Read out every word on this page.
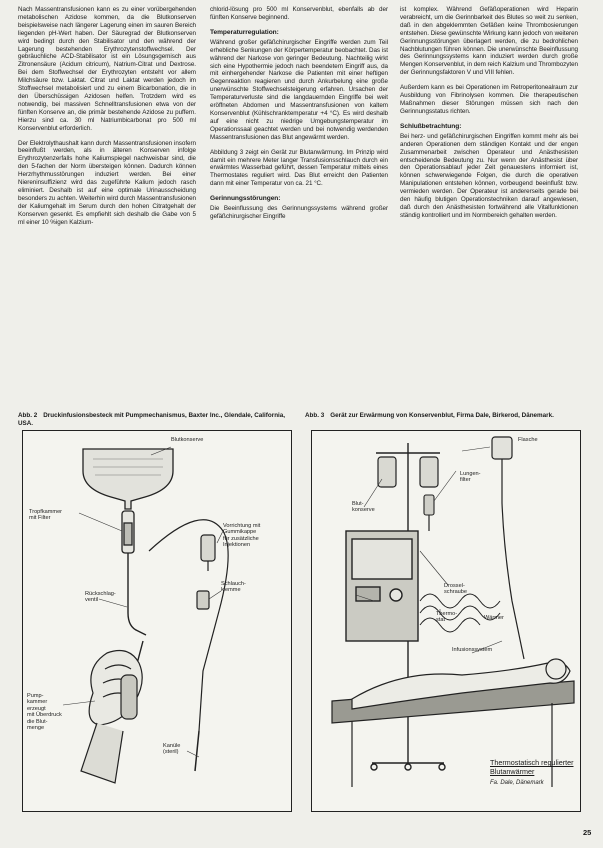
Nach Massentransfusionen kann es zu einer vorübergehenden metabolischen Azidose kommen, da die Blutkonserven beispielsweise nach längerer Lagerung einen im sauren Bereich liegenden pH-Wert haben. Der Säuregrad der Blutkonserven wird bedingt durch den Stabilisator und den während der Lagerung bestehenden Erythrozytenstoffwechsel. Der gebräuchliche ACD-Stabilisator ist ein Lösungsgemisch aus Zitronensäure (Acidum citricum), Natrium-Citrat und Dextrose. Bei dem Stoffwechsel der Erythrozyten entsteht vor allem Milchsäure bzw. Laktat. Citrat und Laktat werden jedoch im Stoffwechsel metabolisiert und zu einem Bicarbonation, die in den Überschüssigen Azidosen helfen. Trotzdem wird es notwendig, bei massiven Schnelltransfusionen etwa von der fünften Konserve an, die primär bestehende Azidose zu puffern. Hierzu sind ca. 30 ml Natriumbicarbonat pro 500 ml Konservenblut erforderlich.

Der Elektrolythaushalt kann durch Massentransfusionen insofern beeinflußt werden, als in älteren Konserven infolge Erythrozytenzerfalls hohe Kaliumspiegel nachweisbar sind, die den 5-fachen der Norm übersteigen können. Dadurch können Herzrhythmusstörungen induziert werden. Bei einer Niereninsuffizienz wird das zugeführte Kalium jedoch rasch eliminiert. Deshalb ist auf eine optimale Urinausscheidung besonders zu achten. Weiterhin wird durch Massentransfusionen der Kaliumgehalt im Serum durch den hohen Citratgehalt der Konserven gesenkt. Es empfiehlt sich deshalb die Gabe von 5 ml einer 10 %igen Kalzium-

chlorid-lösung pro 500 ml Konservenblut, ebenfalls ab der fünften Konserve beginnend.

Temperaturregulation:

Während großer gefäßchirurgischer Eingriffe werden zum Teil erhebliche Senkungen der Körpertemperatur beobachtet. Das ist während der Narkose von geringer Bedeutung. Nachteilig wirkt sich eine Hypothermie jedoch nach beendetem Eingriff aus, da mit einhergehender Narkose die Patienten mit einer heftigen Gegenreaktion reagieren und durch Ankurbelung eine große unerwünschte Stoffwechselsteigerung erfahren. Ursachen der Temperaturverluste sind die langdauernden Eingriffe bei weit eröffneten Abdomen und Massentransfusionen von kaltem Konservenblut (Kühlschranktemperatur +4 °C). Es wird deshalb auf eine nicht zu niedrige Umgebungstemperatur im Operationssaal geachtet werden und bei notwendig werdenden Massentransfusionen das Blut angewärmt werden.

Abbildung 3 zeigt ein Gerät zur Blutanwärmung. Im Prinzip wird damit ein mehrere Meter langer Transfusionsschlauch durch ein erwärmtes Wasserbad geführt, dessen Temperatur mittels eines Thermostates reguliert wird. Das Blut erreicht den Patienten dann mit einer Temperatur von ca. 21 °C.

Gerinnungsstörungen:

Die Beeinflussung des Gerinnungssystems während großer gefäßchirurgischer Eingriffe

ist komplex. Während Gefäßoperationen wird Heparin verabreicht, um die Gerinnbarkeit des Blutes so weit zu senken, daß in den abgeklemmten Gefäßen keine Thrombosierungen entstehen. Diese gewünschte Wirkung kann jedoch von weiteren Gerinnungsstörungen überlagert werden, die zu bedrohlichen Nachblutungen führen können. Die unerwünschte Beeinflussung des Gerinnungssystems kann induziert werden durch große Mengen Konservenblut, in dem reich Kalzium und Thrombozyten der Gerinnungsfaktoren V und VIII fehlen.

Außerdem kann es bei Operationen im Retroperitonealraum zur Ausbildung von Fibrinolysen kommen. Die therapeutischen Maßnahmen dieser Störungen müssen sich nach den Gerinnungsstatus richten.

Schlußbetrachtung:

Bei herz- und gefäßchirurgischen Eingriffen kommt mehr als bei anderen Operationen dem ständigen Kontakt und der engen Zusammenarbeit zwischen Operateur und Anästhesisten entscheidende Bedeutung zu. Nur wenn der Anästhesist über den Operationsablauf jeder Zeit genauestens informiert ist, können schwerwiegende Folgen, die durch die operativen Manipulationen entstehen können, vorbeugend beeinflußt bzw. vermieden werden. Der Operateur ist andererseits gerade bei den häufig blutigen Operationstechniken darauf angewiesen, daß durch den Anästhesisten fortwährend alle Vitalfunktionen ständig kontrolliert und im Normbereich gehalten werden.

Abb. 2 Druckinfusionsbesteck mit Pumpmechanismus, Baxter Inc., Glendale, California, USA.
Abb. 3 Gerät zur Erwärmung von Konservenblut, Firma Dale, Birkerod, Dänemark.
Blutkonserve
Tropfkammer
mit Filter
Vorrichtung mit
Gummikappe
für zusätzliche
Injektionen
Schlauch-
klemme
Rückschlag-
ventil
Pump-
kammer
erzeugt
mit Überdruck
die Blut-
menge
Kanüle
(steril)
Flasche
Lungen-
filter
Blut-
konserve
Drossel-
schraube
Thermo-
stat	Wärmer
Infusionssystem
Thermostatisch regulierter
Blutanwärmer
Fa. Dale, Dänemark
25
